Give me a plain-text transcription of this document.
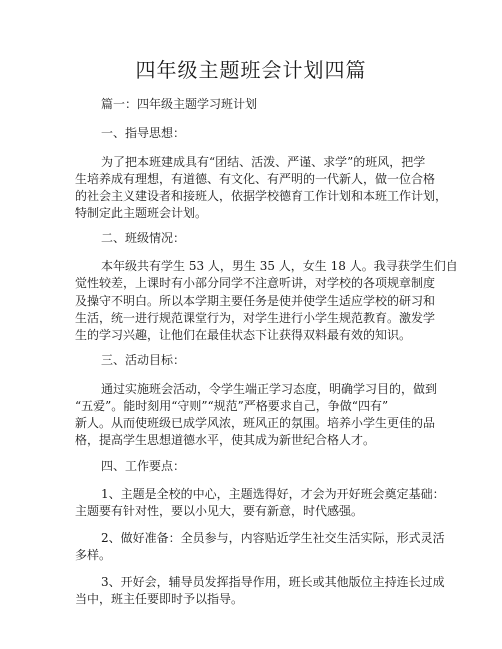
四年级主题班会计划四篇
篇一：四年级主题学习班计划
一、指导思想：
为了把本班建成具有“团结、活泼、严谨、求学”的班风，把学
生培养成有理想，有道德、有文化、有严明的一代新人，做一位合格
的社会主义建设者和接班人，依据学校德育工作计划和本班工作计划，
特制定此主题班会计划。
二、班级情况：
本年级共有学生 53 人，男生 35 人，女生 18 人。我寻获学生们自
觉性较差，上课时有小部分同学不注意听讲，对学校的各项规章制度
及操守不明白。所以本学期主要任务是使并使学生适应学校的研习和
生活，统一进行规范课堂行为，对学生进行小学生规范教育。激发学
生的学习兴趣，让他们在最佳状态下让获得双料最有效的知识。
三、活动目标：
通过实施班会活动，令学生端正学习态度，明确学习目的，做到
“五爱”。能时刻用“守则”“规范”严格要求自己，争做“四有”
新人。从而使班级已成学风浓，班风正的氛围。培养小学生更佳的品
格，提高学生思想道德水平，使其成为新世纪合格人才。
四、工作要点：
1、主题是全校的中心，主题选得好，才会为开好班会奠定基础：
主题要有针对性，要以小见大，要有新意，时代感强。
2、做好准备：全员参与，内容贴近学生社交生活实际，形式灵活
多样。
3、开好会，辅导员发挥指导作用，班长或其他版位主持连长过成
当中，班主任要即时予以指导。
